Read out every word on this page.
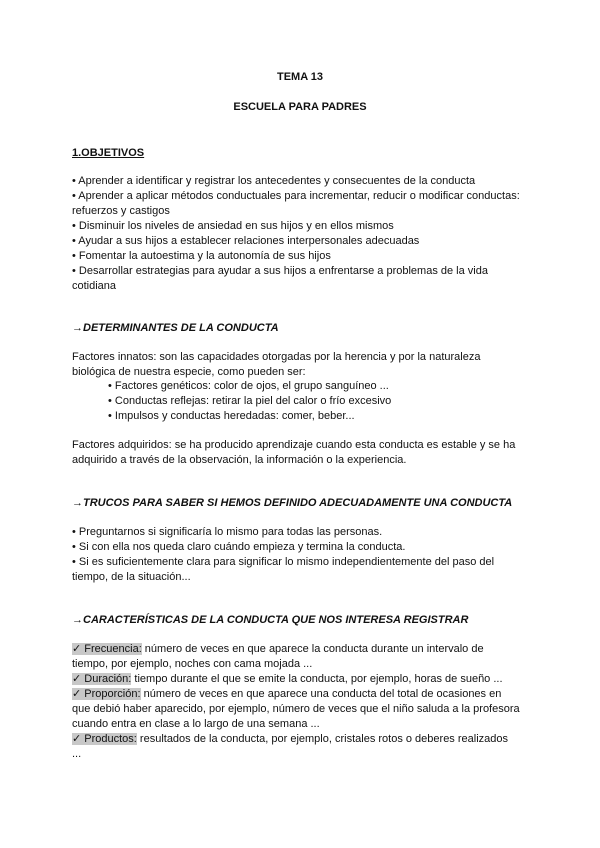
TEMA 13
ESCUELA PARA PADRES
1.OBJETIVOS
• Aprender a identificar y registrar los antecedentes y consecuentes de la conducta
• Aprender a aplicar métodos conductuales para incrementar, reducir o modificar conductas:
refuerzos y castigos
• Disminuir los niveles de ansiedad en sus hijos y en ellos mismos
• Ayudar a sus hijos a establecer relaciones interpersonales adecuadas
• Fomentar la autoestima y la autonomía de sus hijos
• Desarrollar estrategias para ayudar a sus hijos a enfrentarse a problemas de la vida
cotidiana
→DETERMINANTES DE LA CONDUCTA
Factores innatos: son las capacidades otorgadas por la herencia y por la naturaleza
biológica de nuestra especie, como pueden ser:
• Factores genéticos: color de ojos, el grupo sanguíneo ...
• Conductas reflejas: retirar la piel del calor o frío excesivo
• Impulsos y conductas heredadas: comer, beber...
Factores adquiridos: se ha producido aprendizaje cuando esta conducta es estable y se ha
adquirido a través de la observación, la información o la experiencia.
→TRUCOS PARA SABER SI HEMOS DEFINIDO ADECUADAMENTE UNA CONDUCTA
• Preguntarnos si significaría lo mismo para todas las personas.
• Si con ella nos queda claro cuándo empieza y termina la conducta.
• Si es suficientemente clara para significar lo mismo independientemente del paso del
tiempo, de la situación...
→CARACTERÍSTICAS DE LA CONDUCTA QUE NOS INTERESA REGISTRAR
✓ Frecuencia: número de veces en que aparece la conducta durante un intervalo de
tiempo, por ejemplo, noches con cama mojada ...
✓ Duración: tiempo durante el que se emite la conducta, por ejemplo, horas de sueño ...
✓ Proporción: número de veces en que aparece una conducta del total de ocasiones en
que debió haber aparecido, por ejemplo, número de veces que el niño saluda a la profesora
cuando entra en clase a lo largo de una semana ...
✓ Productos: resultados de la conducta, por ejemplo, cristales rotos o deberes realizados
...
